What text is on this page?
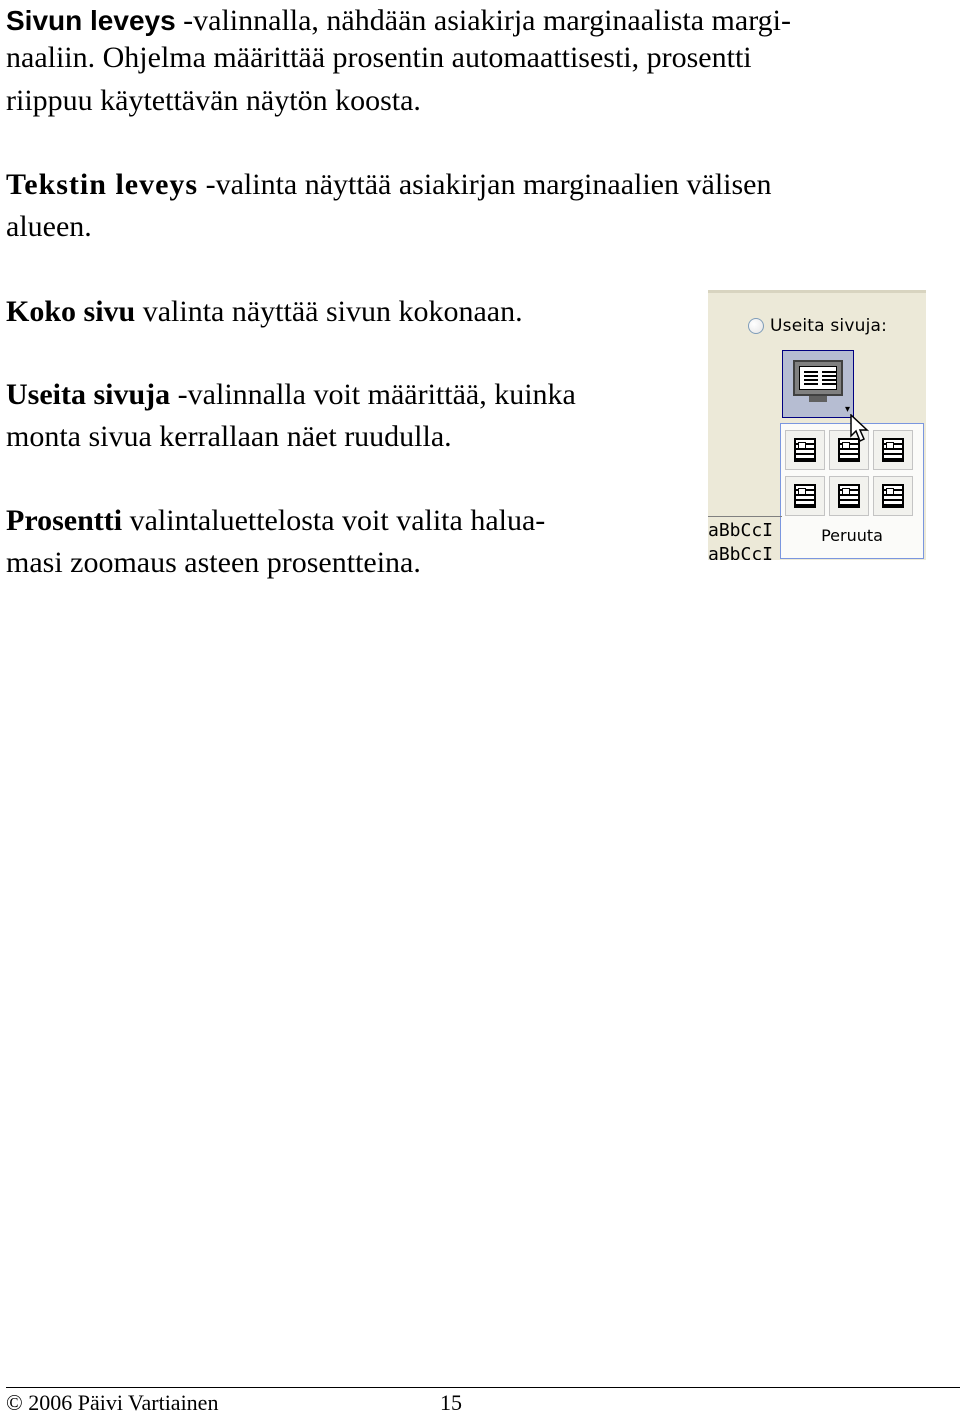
Sivun leveys -valinnalla, nähdään asiakirja marginaalista margi-

naaliin. Ohjelma määrittää prosentin automaattisesti, prosentti

riippuu käytettävän näytön koosta.

Tekstin leveys -valinta näyttää asiakirjan marginaalien välisen

alueen.

Koko sivu valinta näyttää sivun kokonaan.

Useita sivuja -valinnalla voit määrittää, kuinka

monta sivua kerrallaan näet ruudulla.

Prosentti valintaluettelosta voit valita halua-

masi zoomaus asteen prosentteina.

Useita sivuja:
▾
Peruuta
aBbCcI
aBbCcI
© 2006 Päivi Vartiainen	15
